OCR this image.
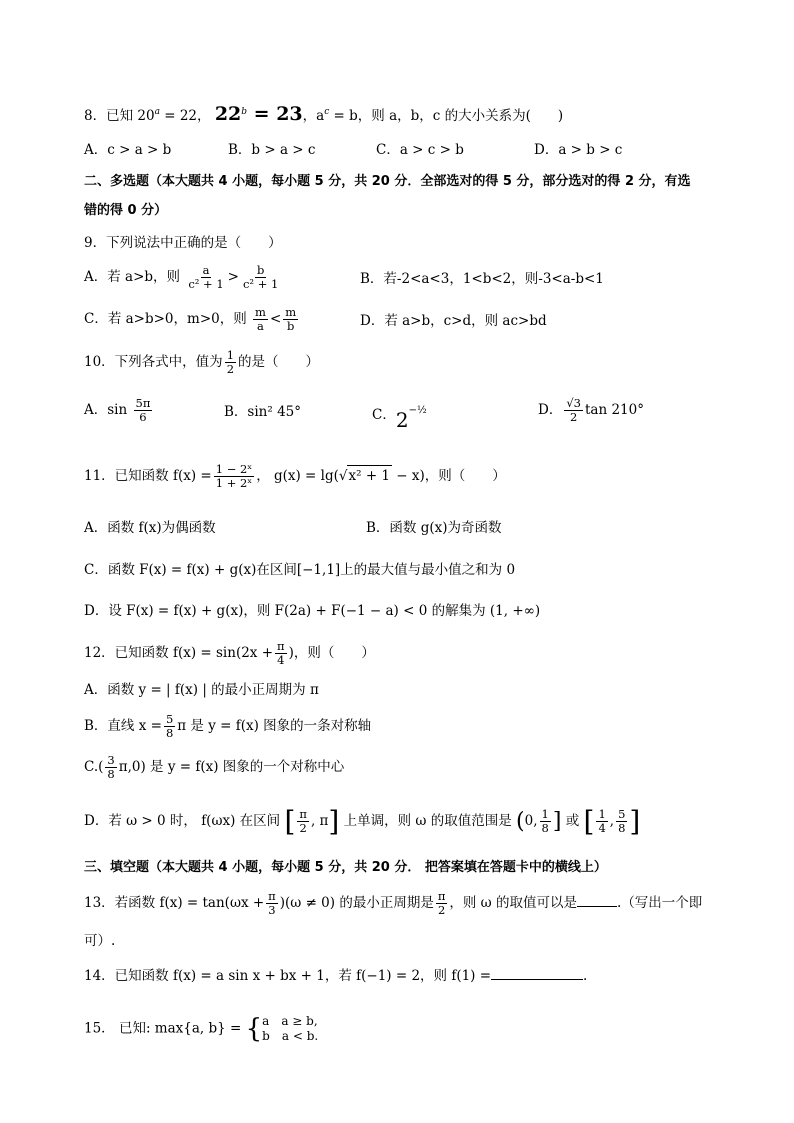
8．已知 $20^a = 22$， $22^b = 23$，$a^c = b$，则 a，b，c 的大小关系为(　　)
A．c > a > b	B．b > a > c	C．a > c > b	D．a > b > c
二、多选题（本大题共 4 小题，每小题 5 分，共 20 分．全部选对的得 5 分，部分选对的得 2 分，有选
错的得 0 分）
9．下列说法中正确的是（　　）
A．若 a>b，则 $\frac{a}{\text{c² + 1}} > \frac{b}{\text{c² + 1}}$	B．若-2<a<3，1<b<2，则-3<a-b<1
C．若 a>b>0，m>0，则 $\frac{m}{a} < \frac{m}{b}$	D．若 a>b，c>d，则 ac>bd
10．下列各式中，值为 $\frac{1}{2}$ 的是（　　）
A．$\sin \frac{5\pi}{6}$	B．sin² 45°	C．$2^{-\frac{1}{2}}$	D． $\frac{√3}{2}$ tan 210°
11．已知函数 $f(x) = \frac{\text{1 − 2ˣ}}{\text{1 + 2ˣ}}$ ， g(x) = lg(√x² + 1 − x)，则（　　）
A．函数 f(x)为偶函数	B．函数 g(x)为奇函数
C．函数 F(x) = f(x) + g(x)在区间[−1,1]上的最大值与最小值之和为 0
D．设 F(x) = f(x) + g(x)，则 F(2a) + F(−1 − a) < 0 的解集为 (1, +∞)
12．已知函数 $f(x) = \sin(2x + \frac{\pi}{4}$ )，则（　　）
A．函数 y = | f(x) | 的最小正周期为 π
B．直线 $x = \frac{5}{8}$ π 是 y = f(x) 图象的一条对称轴
$C.( \frac{3}{8} \pi,0)$ 是 y = f(x) 图象的一个对称中心
D．若 ω > 0 时， f(ωx) 在区间 [ $\frac{\pi}{2}$ , π] 上单调，则 ω 的取值范围是 (0, $\frac{1}{8}$ ] 或 [ $\frac{1}{4}$ , $\frac{5}{8}$ ]
三、填空题（本大题共 4 小题，每小题 5 分，共 20 分． 把答案填在答题卡中的横线上）
13．若函数 $f(x) = \tan(\omega x + \frac{\pi}{3} )(\omega \ne 0)$ 的最小正周期是 $\frac{\pi}{2}$ ，则 ω 的取值可以是	.（写出一个即
可）.
14．已知函数 f(x) = a sin x + bx + 1，若 f(−1) = 2，则 f(1) =	.
15． 已知: max{a, b} = { a　a ≥ b,
b　a < b.
